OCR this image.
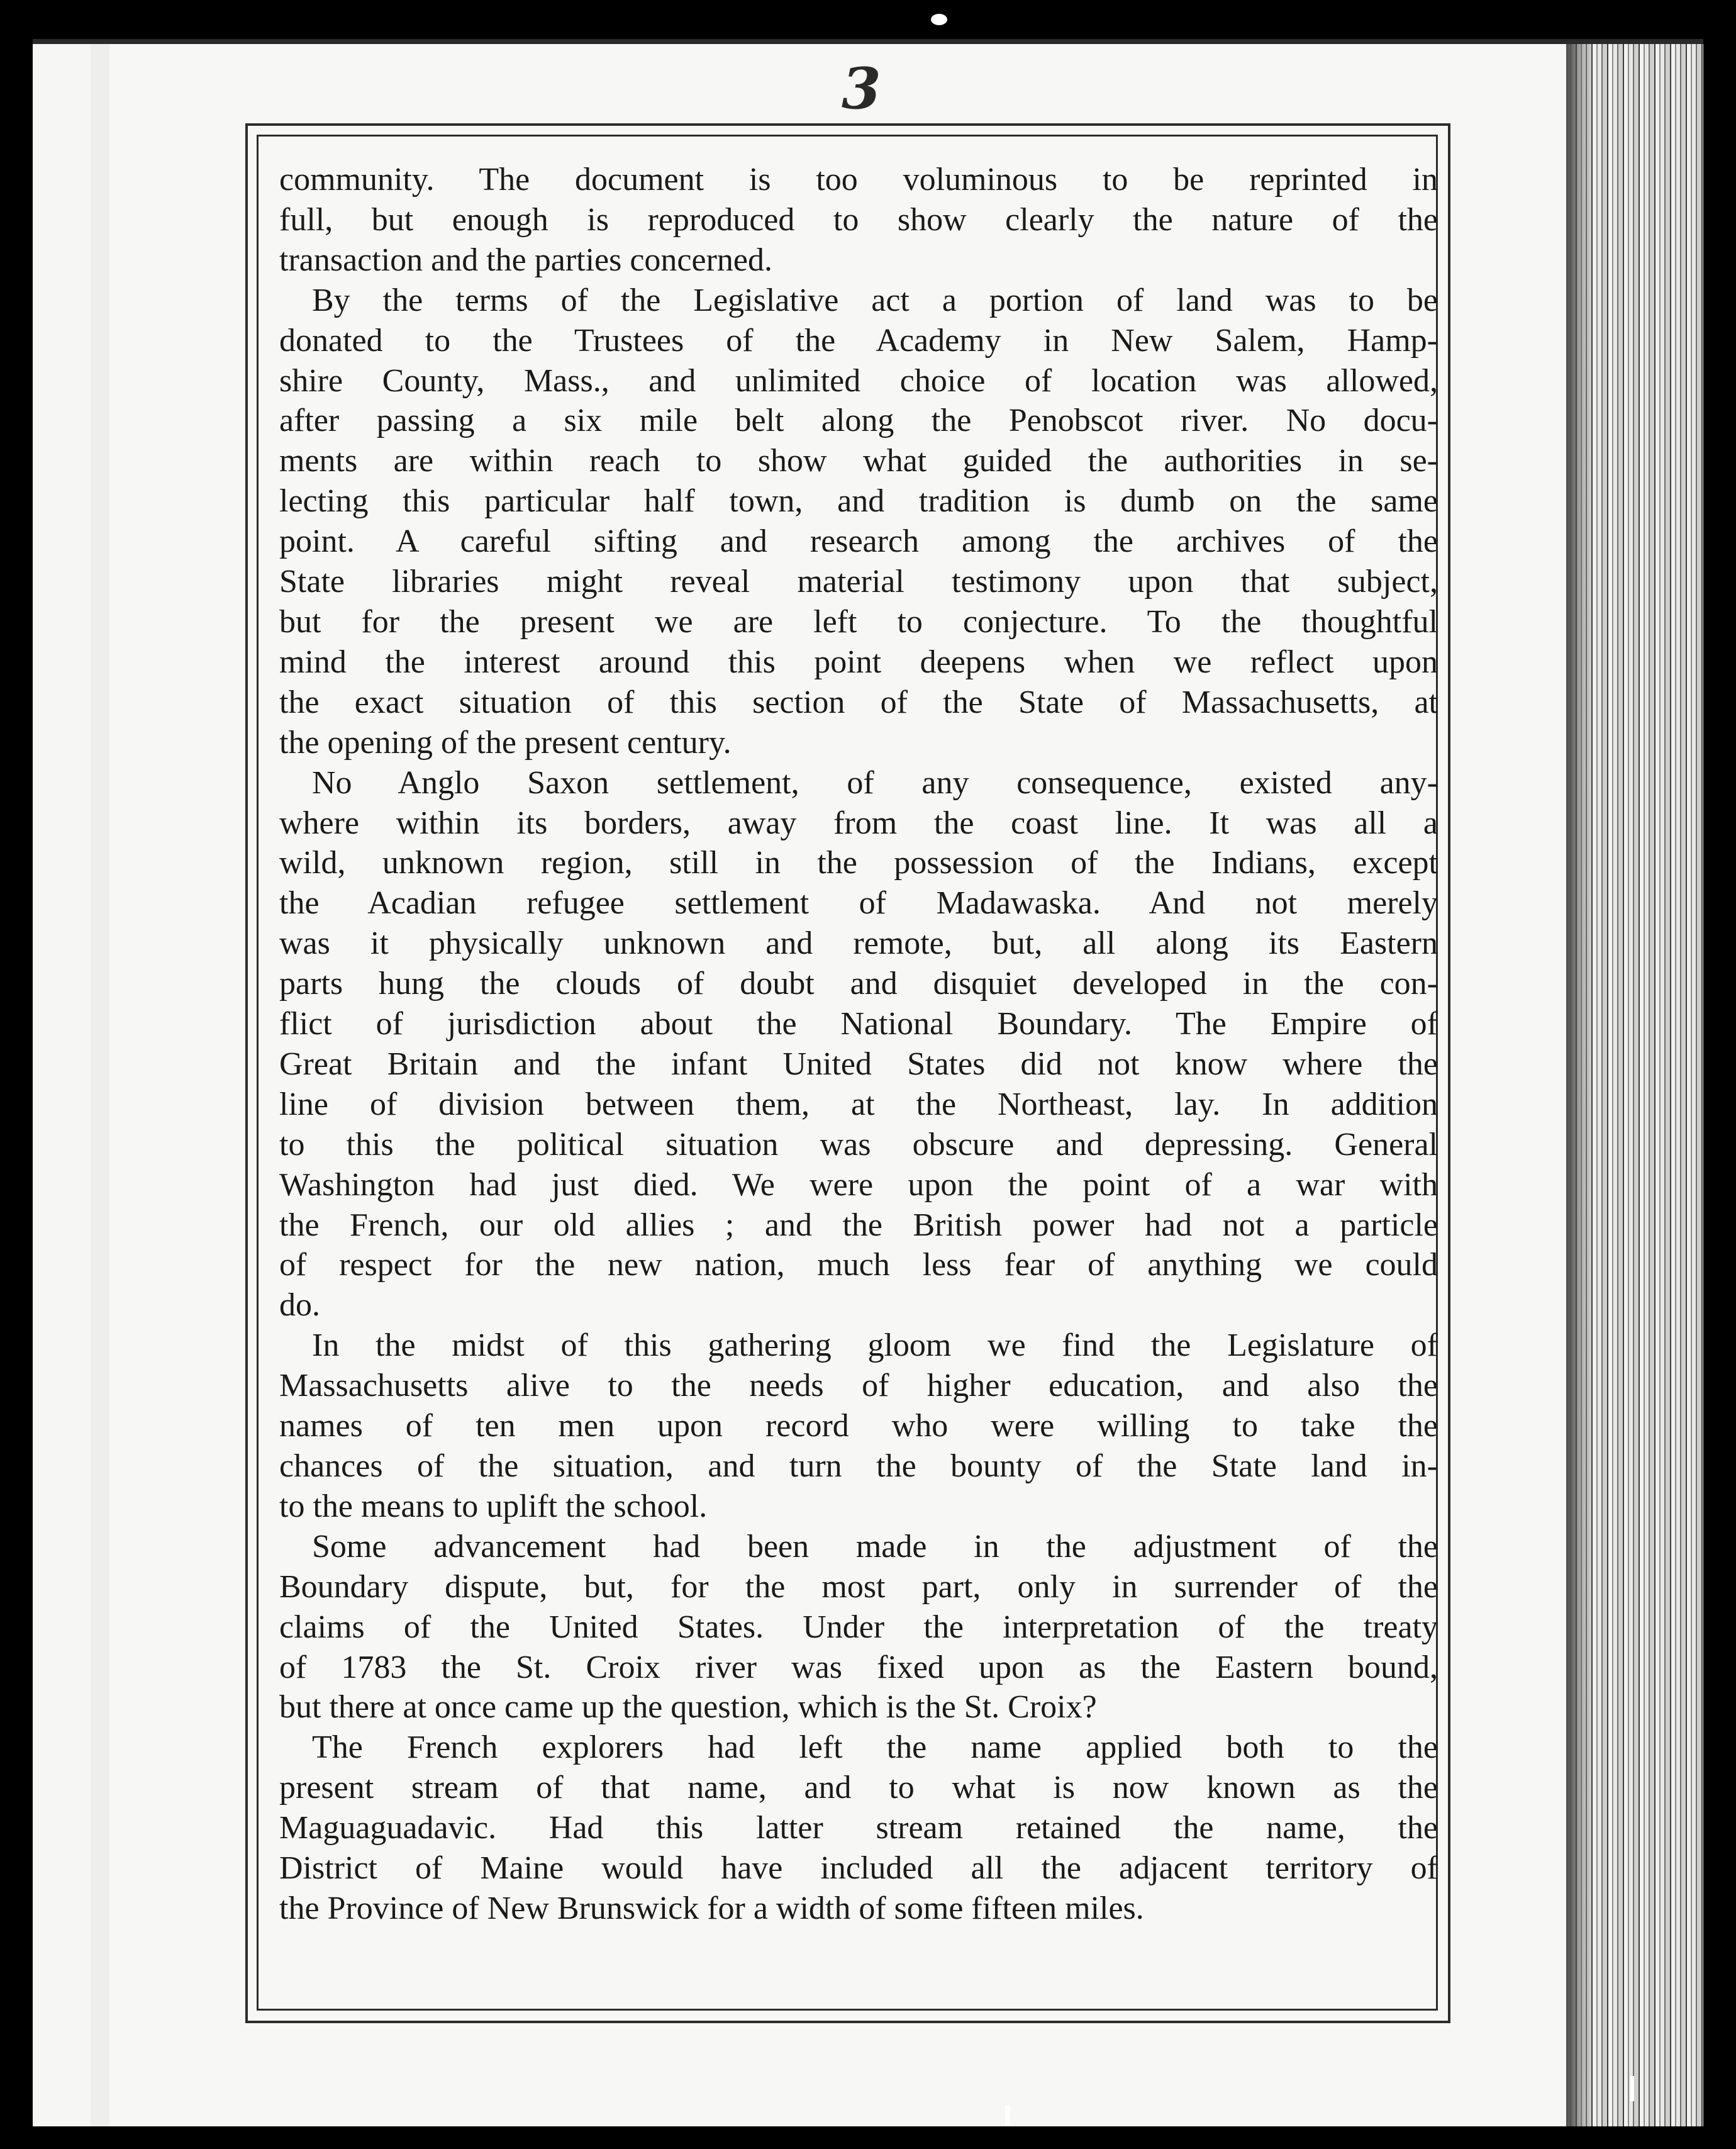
3
community. The document is too voluminous to be reprinted in
full, but enough is reproduced to show clearly the nature of the
transaction and the parties concerned.
By the terms of the Legislative act a portion of land was to be
donated to the Trustees of the Academy in New Salem, Hamp-
shire County, Mass., and unlimited choice of location was allowed,
after passing a six mile belt along the Penobscot river. No docu-
ments are within reach to show what guided the authorities in se-
lecting this particular half town, and tradition is dumb on the same
point. A careful sifting and research among the archives of the
State libraries might reveal material testimony upon that subject,
but for the present we are left to conjecture. To the thoughtful
mind the interest around this point deepens when we reflect upon
the exact situation of this section of the State of Massachusetts, at
the opening of the present century.
No Anglo Saxon settlement, of any consequence, existed any-
where within its borders, away from the coast line. It was all a
wild, unknown region, still in the possession of the Indians, except
the Acadian refugee settlement of Madawaska. And not merely
was it physically unknown and remote, but, all along its Eastern
parts hung the clouds of doubt and disquiet developed in the con-
flict of jurisdiction about the National Boundary. The Empire of
Great Britain and the infant United States did not know where the
line of division between them, at the Northeast, lay. In addition
to this the political situation was obscure and depressing. General
Washington had just died. We were upon the point of a war with
the French, our old allies ; and the British power had not a particle
of respect for the new nation, much less fear of anything we could
do.
In the midst of this gathering gloom we find the Legislature of
Massachusetts alive to the needs of higher education, and also the
names of ten men upon record who were willing to take the
chances of the situation, and turn the bounty of the State land in-
to the means to uplift the school.
Some advancement had been made in the adjustment of the
Boundary dispute, but, for the most part, only in surrender of the
claims of the United States. Under the interpretation of the treaty
of 1783 the St. Croix river was fixed upon as the Eastern bound,
but there at once came up the question, which is the St. Croix?
The French explorers had left the name applied both to the
present stream of that name, and to what is now known as the
Maguaguadavic. Had this latter stream retained the name, the
District of Maine would have included all the adjacent territory of
the Province of New Brunswick for a width of some fifteen miles.
